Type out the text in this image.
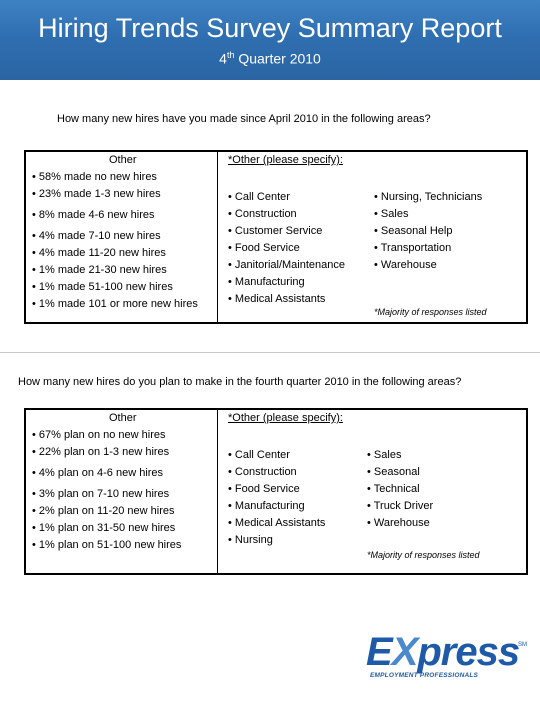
Hiring Trends Survey Summary Report
4th Quarter 2010
How many new hires have you made since April 2010 in the following areas?
Other
• 58% made no new hires
• 23% made 1-3 new hires
• 8% made 4-6 new hires
• 4% made 7-10 new hires
• 4% made 11-20 new hires
• 1% made 21-30 new hires
• 1% made 51-100 new hires
• 1% made 101 or more new hires
*Other (please specify):
• Call Center
• Construction
• Customer Service
• Food Service
• Janitorial/Maintenance
• Manufacturing
• Medical Assistants
• Nursing, Technicians
• Sales
• Seasonal Help
• Transportation
• Warehouse
*Majority of responses listed
How many new hires do you plan to make in the fourth quarter 2010 in the following areas?
Other
• 67% plan on no new hires
• 22% plan on 1-3 new hires
• 4% plan on 4-6 new hires
• 3% plan on 7-10 new hires
• 2% plan on 11-20 new hires
• 1% plan on 31-50 new hires
• 1% plan on 51-100 new hires
*Other (please specify):
• Call Center
• Construction
• Food Service
• Manufacturing
• Medical Assistants
• Nursing
• Sales
• Seasonal
• Technical
• Truck Driver
• Warehouse
*Majority of responses listed
EXpress
SM
EMPLOYMENT PROFESSIONALS
